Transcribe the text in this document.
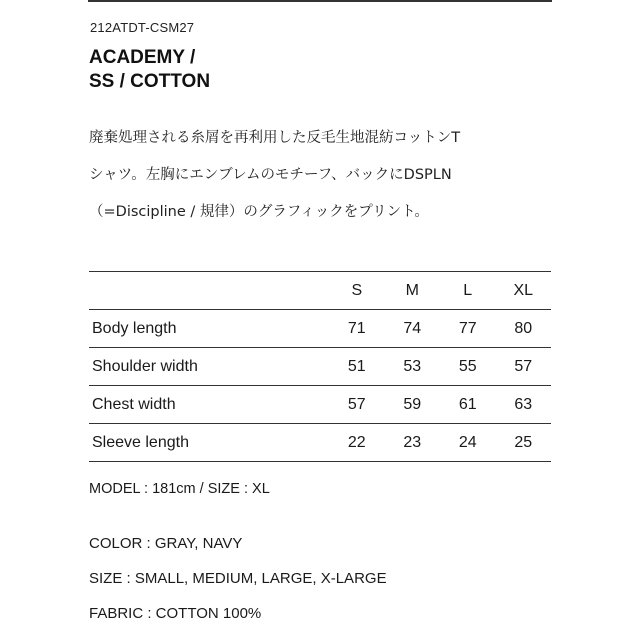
212ATDT-CSM27
ACADEMY /
SS / COTTON
廃棄処理される糸屑を再利用した反毛生地混紡コットンT
シャツ。左胸にエンブレムのモチーフ、バックにDSPLN
（=Discipline / 規律）のグラフィックをプリント。
	S	M	L	XL
Body length	71	74	77	80
Shoulder width	51	53	55	57
Chest width	57	59	61	63
Sleeve length	22	23	24	25
MODEL : 181cm / SIZE : XL
COLOR : GRAY, NAVY
SIZE : SMALL, MEDIUM, LARGE, X-LARGE
FABRIC : COTTON 100%
